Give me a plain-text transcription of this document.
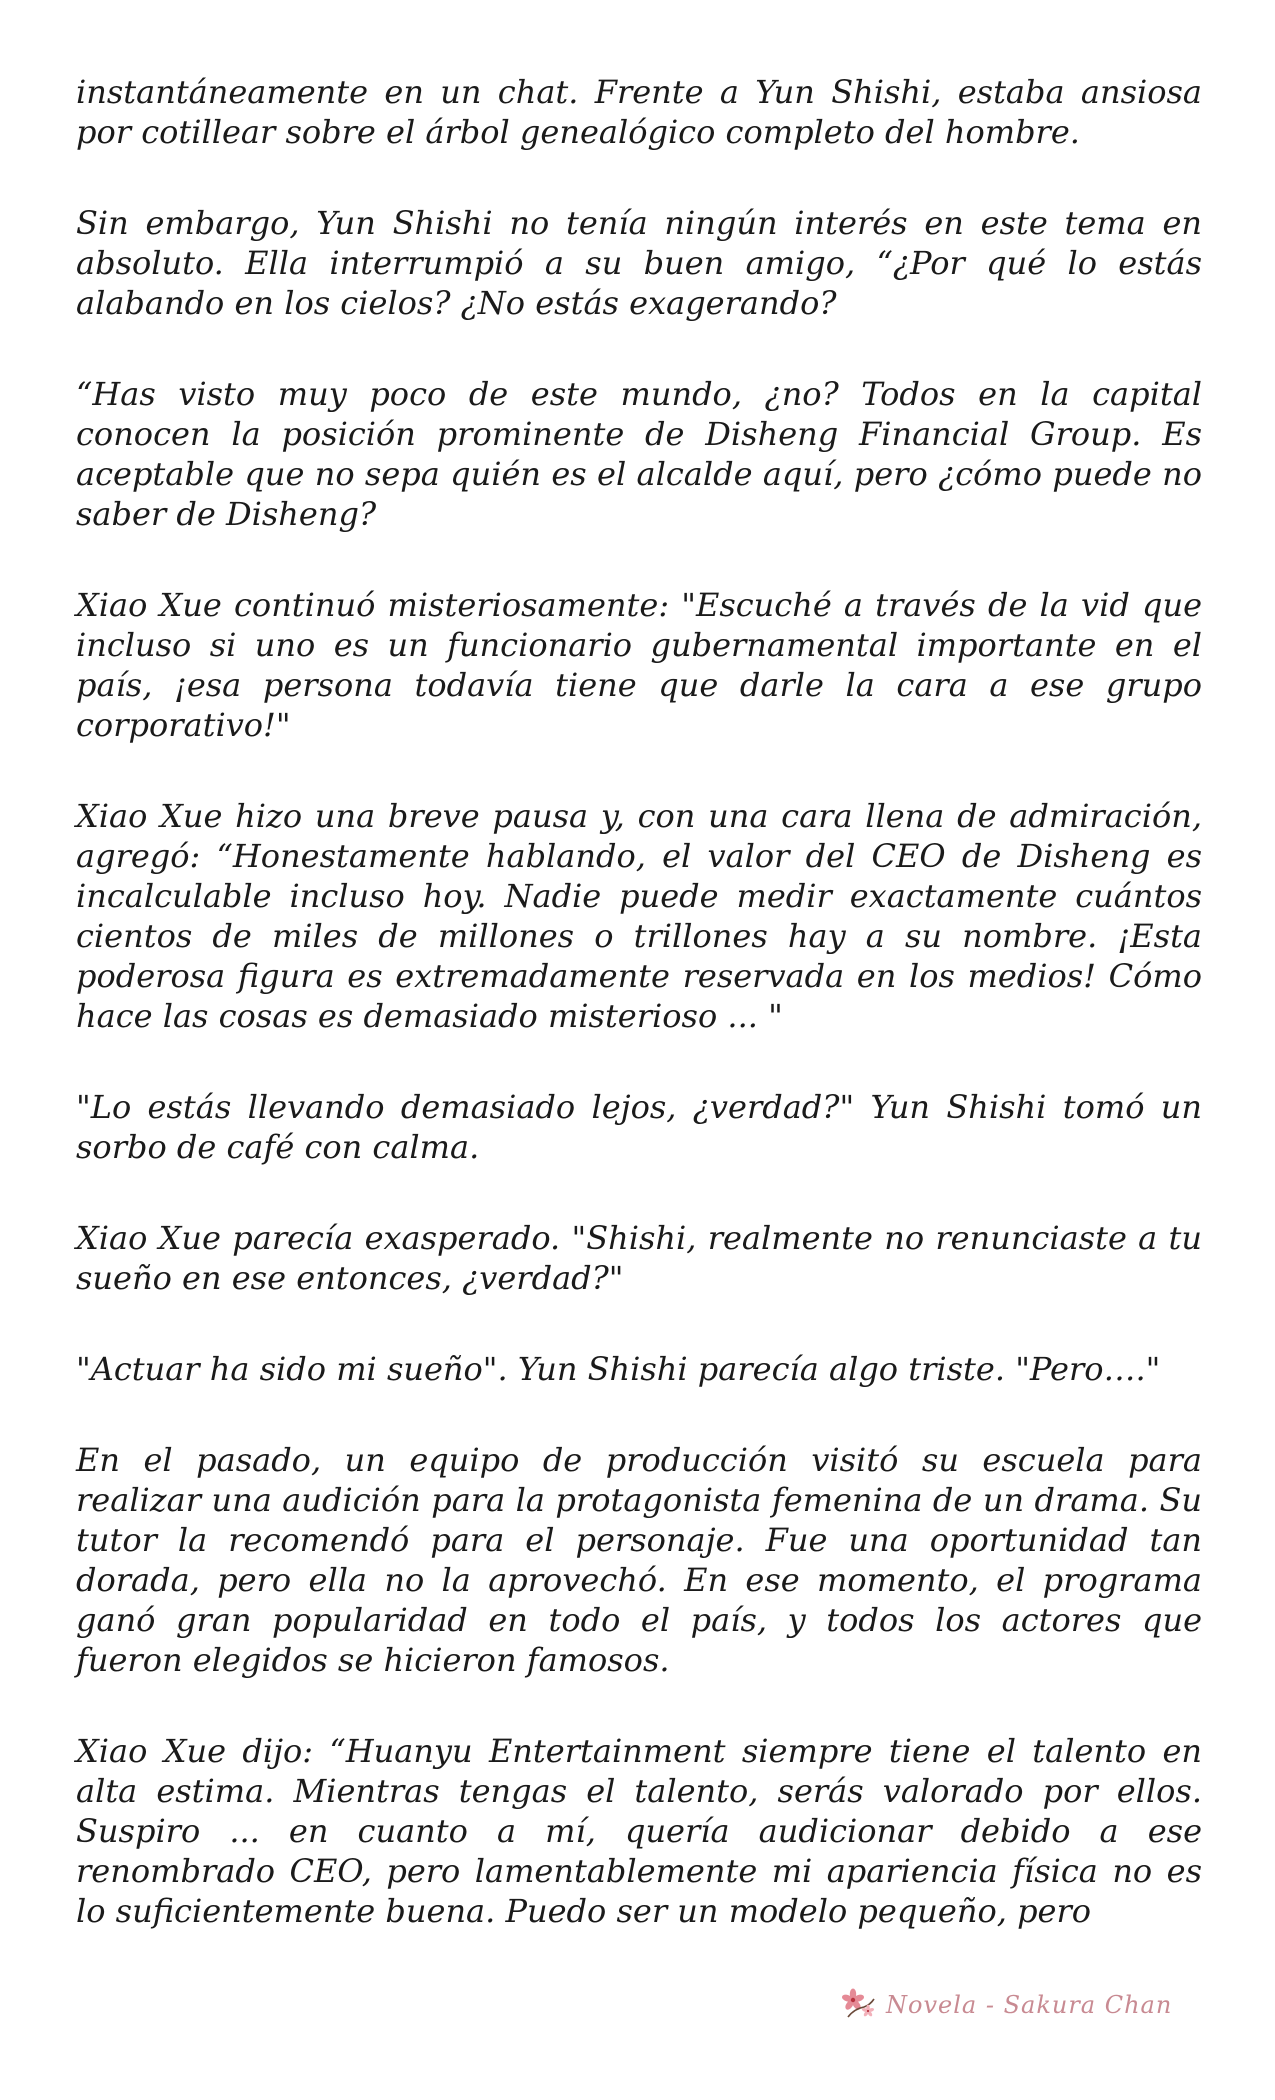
instantáneamente en un chat. Frente a Yun Shishi, estaba ansiosa por cotillear sobre el árbol genealógico completo del hombre.

Sin embargo, Yun Shishi no tenía ningún interés en este tema en absoluto. Ella interrumpió a su buen amigo, “¿Por qué lo estás alabando en los cielos? ¿No estás exagerando?

“Has visto muy poco de este mundo, ¿no? Todos en la capital conocen la posición prominente de Disheng Financial Group. Es aceptable que no sepa quién es el alcalde aquí, pero ¿cómo puede no saber de Disheng?

Xiao Xue continuó misteriosamente: "Escuché a través de la vid que incluso si uno es un funcionario gubernamental importante en el país, ¡esa persona todavía tiene que darle la cara a ese grupo corporativo!"

Xiao Xue hizo una breve pausa y, con una cara llena de admiración, agregó: “Honestamente hablando, el valor del CEO de Disheng es incalculable incluso hoy. Nadie puede medir exactamente cuántos cientos de miles de millones o trillones hay a su nombre. ¡Esta poderosa figura es extremadamente reservada en los medios! Cómo hace las cosas es demasiado misterioso ... "

"Lo estás llevando demasiado lejos, ¿verdad?" Yun Shishi tomó un sorbo de café con calma.

Xiao Xue parecía exasperado. "Shishi, realmente no renunciaste a tu sueño en ese entonces, ¿verdad?"

"Actuar ha sido mi sueño". Yun Shishi parecía algo triste. "Pero…."

En el pasado, un equipo de producción visitó su escuela para realizar una audición para la protagonista femenina de un drama. Su tutor la recomendó para el personaje. Fue una oportunidad tan dorada, pero ella no la aprovechó. En ese momento, el programa ganó gran popularidad en todo el país, y todos los actores que fueron elegidos se hicieron famosos.

Xiao Xue dijo: “Huanyu Entertainment siempre tiene el talento en alta estima. Mientras tengas el talento, serás valorado por ellos. Suspiro ... en cuanto a mí, quería audicionar debido a ese renombrado CEO, pero lamentablemente mi apariencia física no es lo suficientemente buena. Puedo ser un modelo pequeño, pero

Novela - Sakura Chan
